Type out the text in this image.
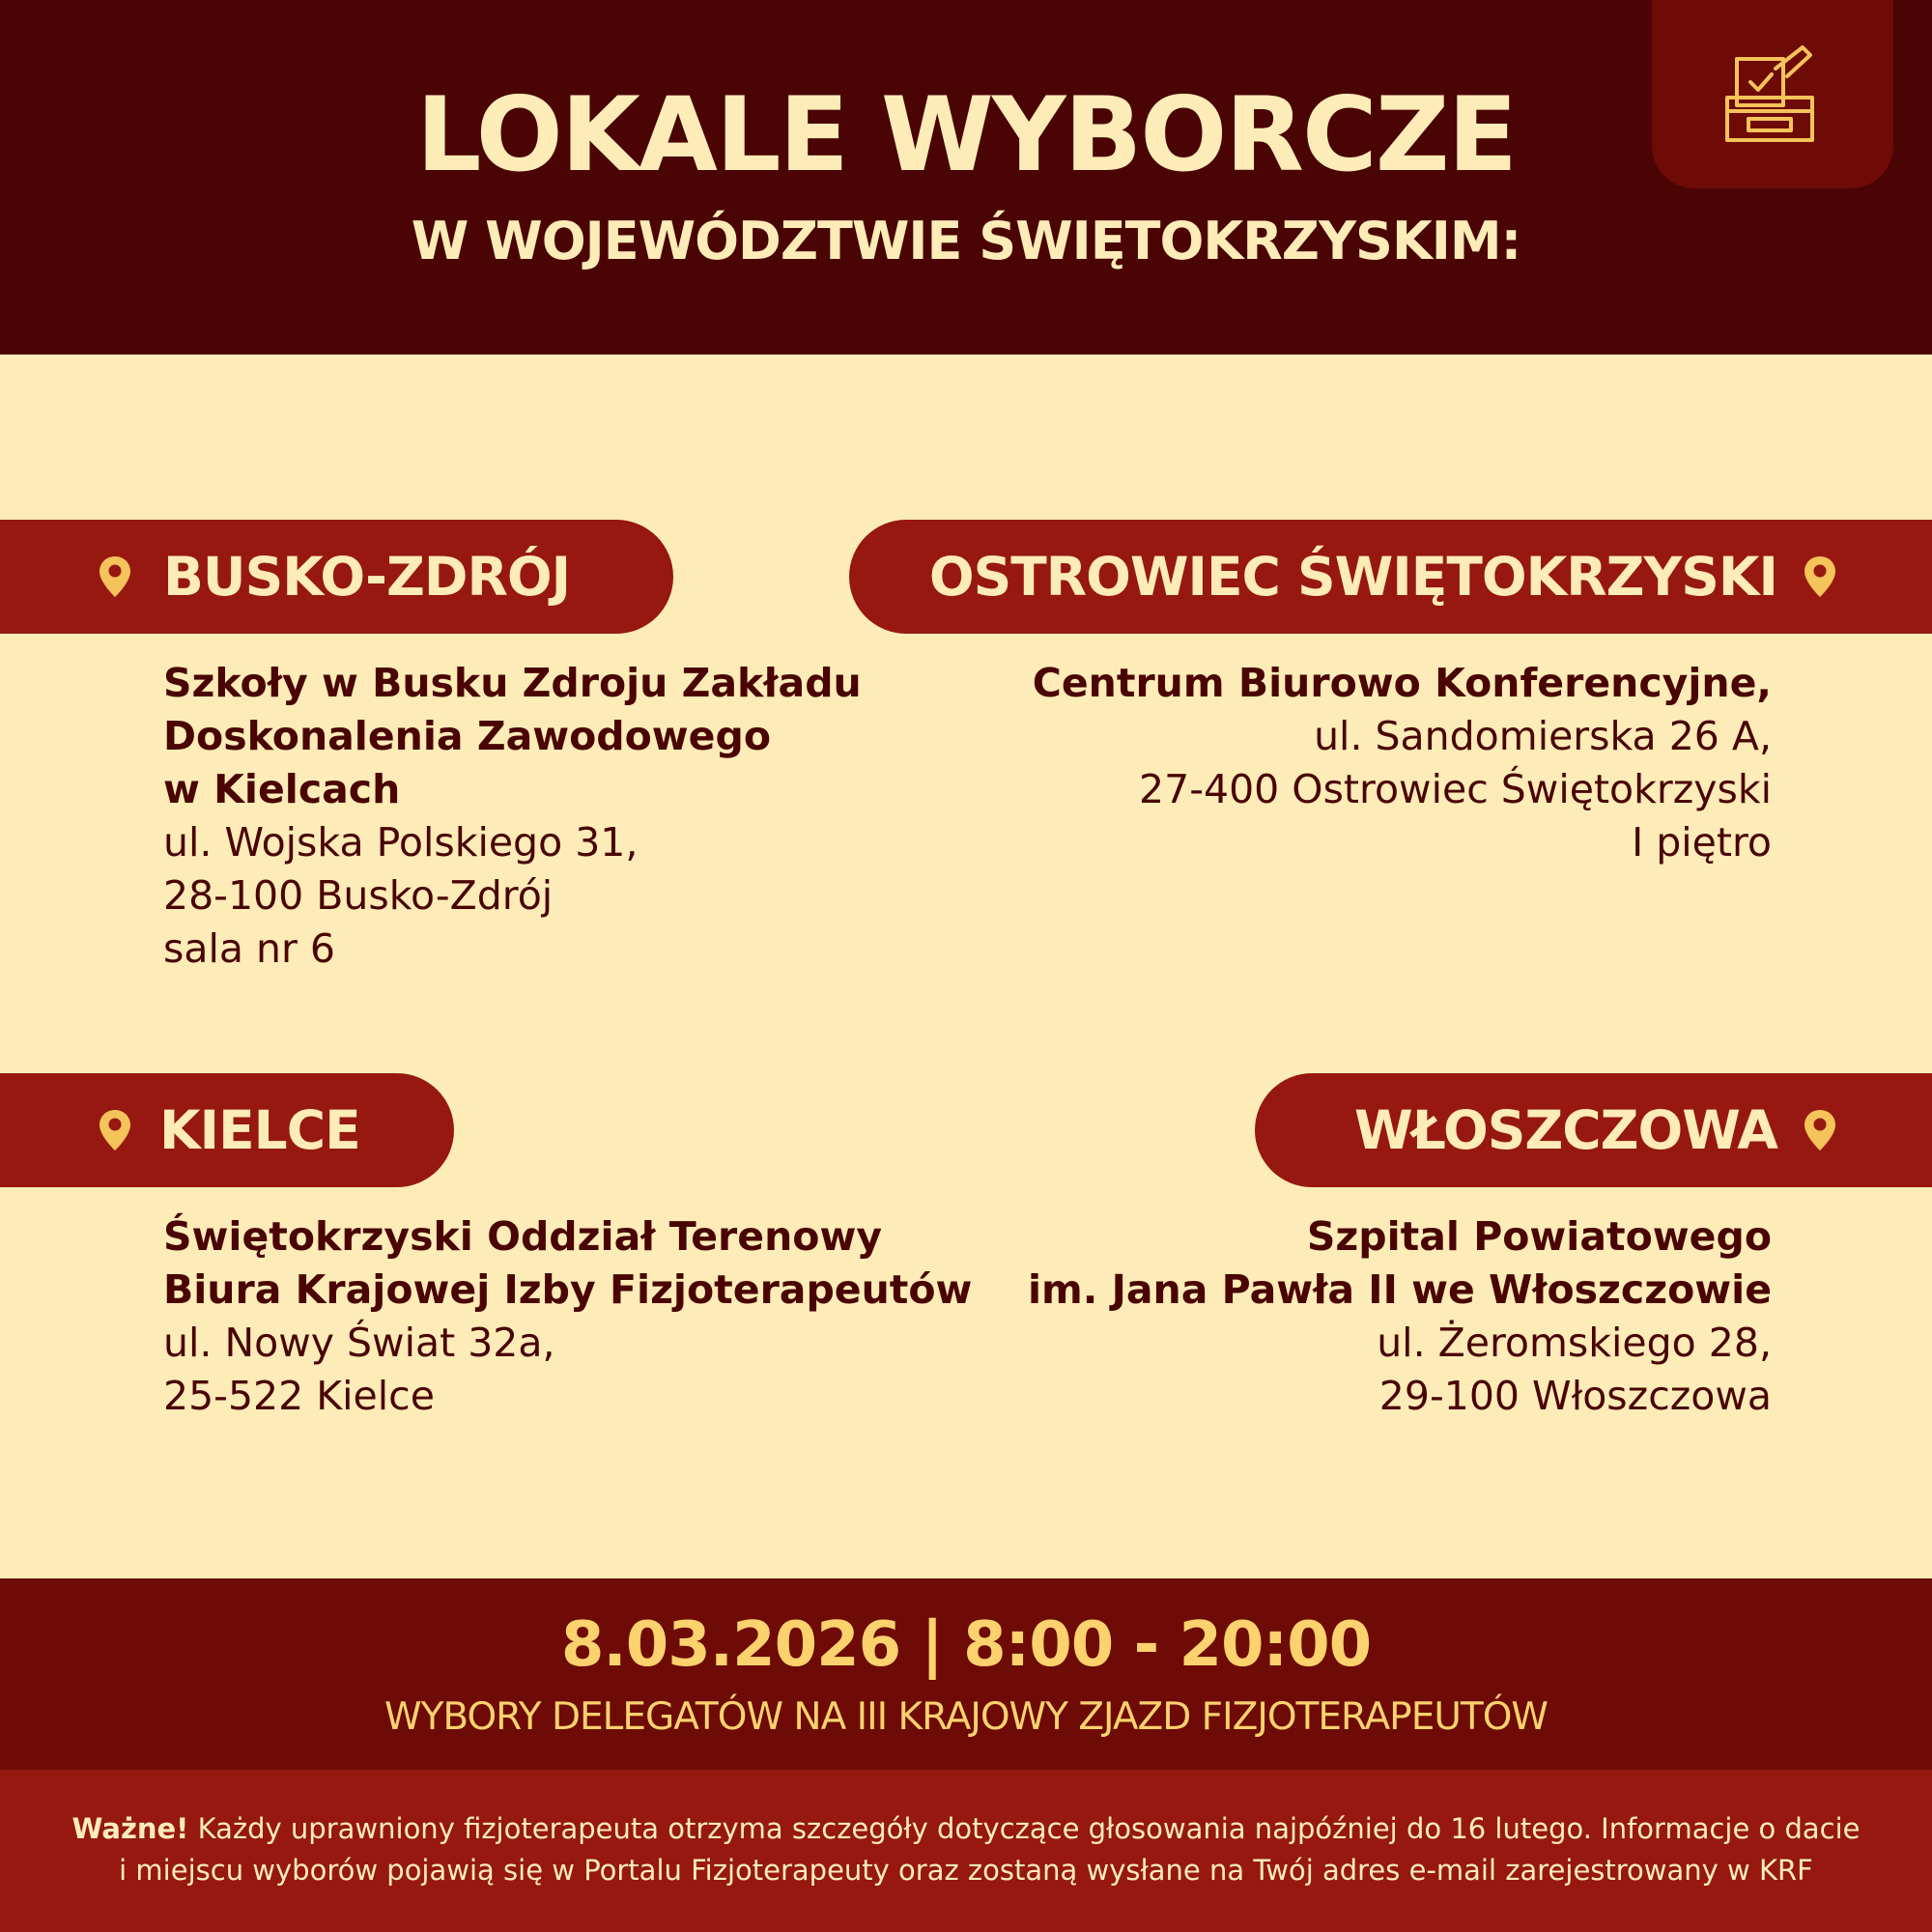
LOKALE WYBORCZE
W WOJEWÓDZTWIE ŚWIĘTOKRZYSKIM:
BUSKO-ZDRÓJ
Szkoły w Busku Zdroju Zakładu
Doskonalenia Zawodowego
w Kielcach
ul. Wojska Polskiego 31,
28-100 Busko-Zdrój
sala nr 6
OSTROWIEC ŚWIĘTOKRZYSKI
Centrum Biurowo Konferencyjne,
ul. Sandomierska 26 A,
27-400 Ostrowiec Świętokrzyski
I piętro
KIELCE
Świętokrzyski Oddział Terenowy
Biura Krajowej Izby Fizjoterapeutów
ul. Nowy Świat 32a,
25-522 Kielce
WŁOSZCZOWA
Szpital Powiatowego
im. Jana Pawła II we Włoszczowie
ul. Żeromskiego 28,
29-100 Włoszczowa
8.03.2026 | 8:00 - 20:00
WYBORY DELEGATÓW NA III KRAJOWY ZJAZD FIZJOTERAPEUTÓW
Ważne! Każdy uprawniony fizjoterapeuta otrzyma szczegóły dotyczące głosowania najpóźniej do 16 lutego. Informacje o dacie
i miejscu wyborów pojawią się w Portalu Fizjoterapeuty oraz zostaną wysłane na Twój adres e-mail zarejestrowany w KRF
